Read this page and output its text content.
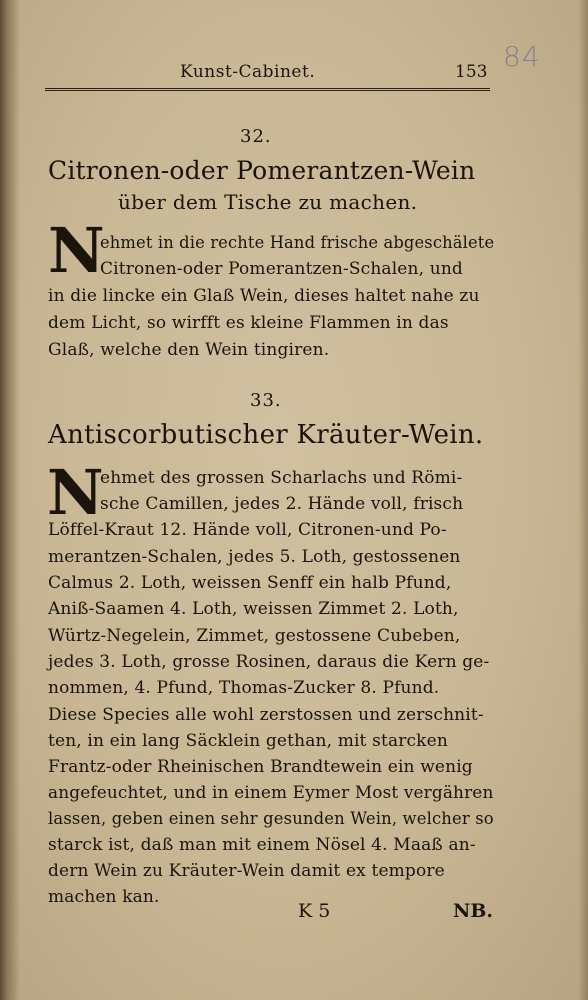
Kunst-Cabinet.	153 84
32.
Citronen-oder Pomerantzen-Wein
über dem Tische zu machen.
N
ehmet in die rechte Hand frische abgeschälete
Citronen-oder Pomerantzen-Schalen, und
in die lincke ein Glaß Wein, dieses haltet nahe zu
dem Licht, so wirfft es kleine Flammen in das
Glaß, welche den Wein tingiren.
33.
Antiscorbutischer Kräuter-Wein.
N
ehmet des grossen Scharlachs und Römi-
sche Camillen, jedes 2. Hände voll, frisch
Löffel-Kraut 12. Hände voll, Citronen-und Po-
merantzen-Schalen, jedes 5. Loth, gestossenen
Calmus 2. Loth, weissen Senff ein halb Pfund,
Aniß-Saamen 4. Loth, weissen Zimmet 2. Loth,
Würtz-Negelein, Zimmet, gestossene Cubeben,
jedes 3. Loth, grosse Rosinen, daraus die Kern ge-
nommen, 4. Pfund, Thomas-Zucker 8. Pfund.
Diese Species alle wohl zerstossen und zerschnit-
ten, in ein lang Säcklein gethan, mit starcken
Frantz-oder Rheinischen Brandtewein ein wenig
angefeuchtet, und in einem Eymer Most vergähren
lassen, geben einen sehr gesunden Wein, welcher so
starck ist, daß man mit einem Nösel 4. Maaß an-
dern Wein zu Kräuter-Wein damit ex tempore
machen kan.
K 5	NB.
